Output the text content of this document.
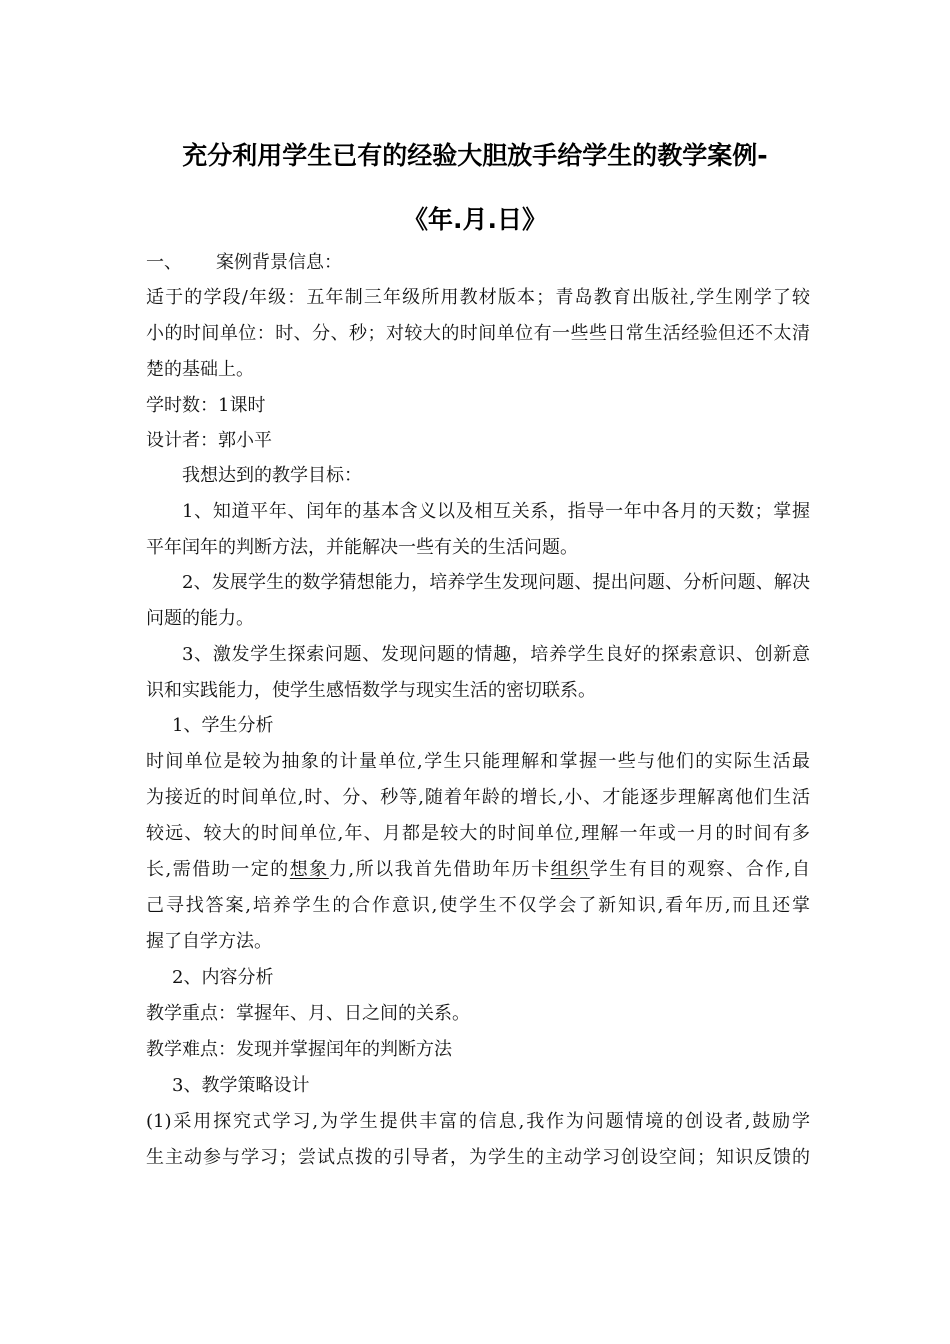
充分利用学生已有的经验大胆放手给学生的教学案例-
《年.月.日》
一、 案例背景信息：
适于的学段/年级：五年制三年级所用教材版本；青岛教育出版社,学生刚学了较
小的时间单位：时、分、秒；对较大的时间单位有一些些日常生活经验但还不太清
楚的基础上。
学时数：1课时
设计者：郭小平
我想达到的教学目标：
1、知道平年、闰年的基本含义以及相互关系，指导一年中各月的天数；掌握
平年闰年的判断方法，并能解决一些有关的生活问题。
2、发展学生的数学猜想能力，培养学生发现问题、提出问题、分析问题、解决
问题的能力。
3、激发学生探索问题、发现问题的情趣，培养学生良好的探索意识、创新意
识和实践能力，使学生感悟数学与现实生活的密切联系。
1、学生分析
时间单位是较为抽象的计量单位,学生只能理解和掌握一些与他们的实际生活最
为接近的时间单位,时、分、秒等,随着年龄的增长,小、才能逐步理解离他们生活
较远、较大的时间单位,年、月都是较大的时间单位,理解一年或一月的时间有多
长,需借助一定的想象力,所以我首先借助年历卡组织学生有目的观察、合作,自
己寻找答案,培养学生的合作意识,使学生不仅学会了新知识,看年历,而且还掌
握了自学方法。
2、内容分析
教学重点：掌握年、月、日之间的关系。
教学难点：发现并掌握闰年的判断方法
3、教学策略设计
(1)采用探究式学习,为学生提供丰富的信息,我作为问题情境的创设者,鼓励学
生主动参与学习；尝试点拨的引导者，为学生的主动学习创设空间；知识反馈的
